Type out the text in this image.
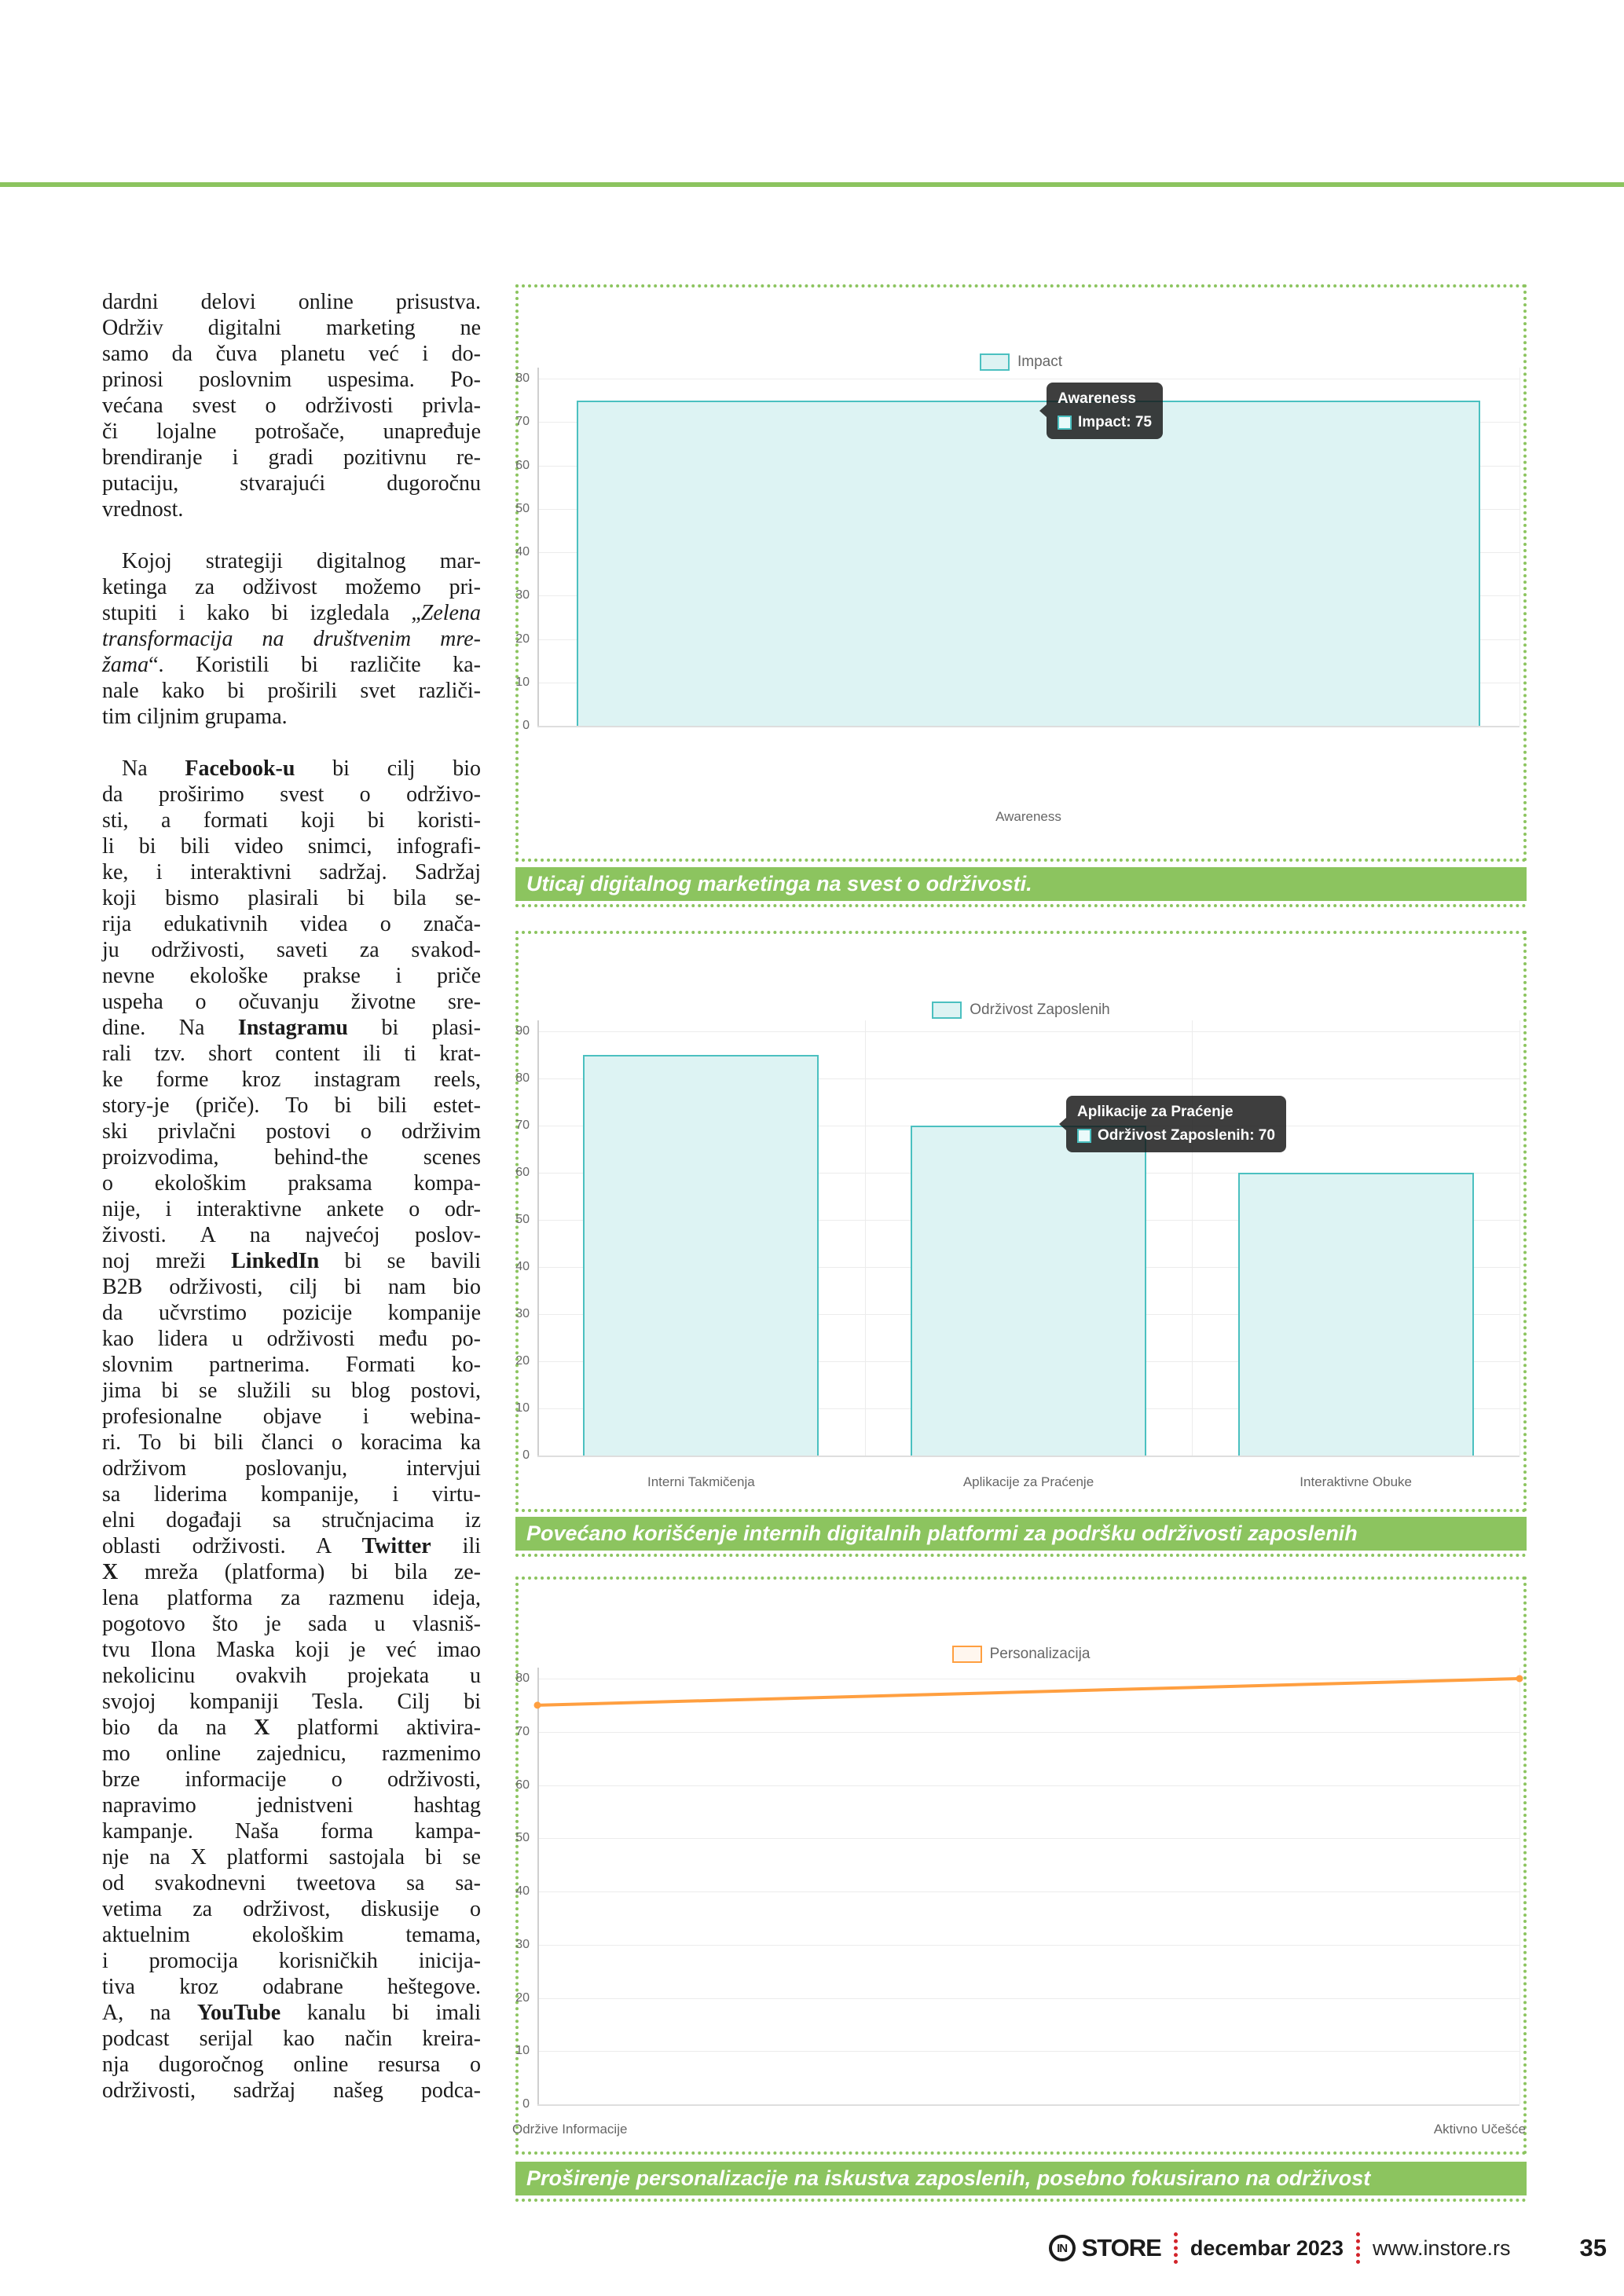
dardni delovi online prisustva.
Održiv digitalni marketing ne
samo da čuva planetu već i do-
prinosi poslovnim uspesima. Po-
većana svest o održivosti privla-
či lojalne potrošače, unapređuje
brendiranje i gradi pozitivnu re-
putaciju, stvarajući dugoročnu
vrednost.
Kojoj strategiji digitalnog mar-
ketinga za odživost možemo pri-
stupiti i kako bi izgledala „Zelena
transformacija na društvenim mre-
žama“. Koristili bi različite ka-
nale kako bi proširili svet različi-
tim ciljnim grupama.
Na Facebook-u bi cilj bio
da proširimo svest o održivo-
sti, a formati koji bi koristi-
li bi bili video snimci, infografi-
ke, i interaktivni sadržaj. Sadržaj
koji bismo plasirali bi bila se-
rija edukativnih videa o znača-
ju održivosti, saveti za svakod-
nevne ekološke prakse i priče
uspeha o očuvanju životne sre-
dine. Na Instagramu bi plasi-
rali tzv. short content ili ti krat-
ke forme kroz instagram reels,
story-je (priče). To bi bili estet-
ski privlačni postovi o održivim
proizvodima, behind-the scenes
o ekološkim praksama kompa-
nije, i interaktivne ankete o odr-
živosti. A na najvećoj poslov-
noj mreži LinkedIn bi se bavili
B2B održivosti, cilj bi nam bio
da učvrstimo pozicije kompanije
kao lidera u održivosti među po-
slovnim partnerima. Formati ko-
jima bi se služili su blog postovi,
profesionalne objave i webina-
ri. To bi bili članci o koracima ka
održivom poslovanju, intervjui
sa liderima kompanije, i virtu-
elni događaji sa stručnjacima iz
oblasti održivosti. A Twitter ili
X mreža (platforma) bi bila ze-
lena platforma za razmenu ideja,
pogotovo što je sada u vlasniš-
tvu Ilona Maska koji je već imao
nekolicinu ovakvih projekata u
svojoj kompaniji Tesla. Cilj bi
bio da na X platformi aktivira-
mo online zajednicu, razmenimo
brze informacije o održivosti,
napravimo jednistveni hashtag
kampanje. Naša forma kampa-
nje na X platformi sastojala bi se
od svakodnevni tweetova sa sa-
vetima za održivost, diskusije o
aktuelnim ekološkim temama,
i promocija korisničkih inicija-
tiva kroz odabrane heštegove.
A, na YouTube kanalu bi imali
podcast serijal kao način kreira-
nja dugoročnog online resursa o
održivosti, sadržaj našeg podca-
Impact
0
10
20
30
40
50
60
70
80
Awareness
Awareness
Impact: 75
Uticaj digitalnog marketinga na svest o održivosti.
Održivost Zaposlenih
0
10
20
30
40
50
60
70
80
90
Interni Takmičenja	Aplikacije za Praćenje	Interaktivne Obuke
Aplikacije za Praćenje
Održivost Zaposlenih: 70
Povećano korišćenje internih digitalnih platformi za podršku održivosti zaposlenih
Personalizacija
0
10
20
30
40
50
60
70
80
Održive Informacije	Aktivno Učešće
Proširenje personalizacije na iskustva zaposlenih, posebno fokusirano na održivost
IN STORE decembar 2023 www.instore.rs	35
